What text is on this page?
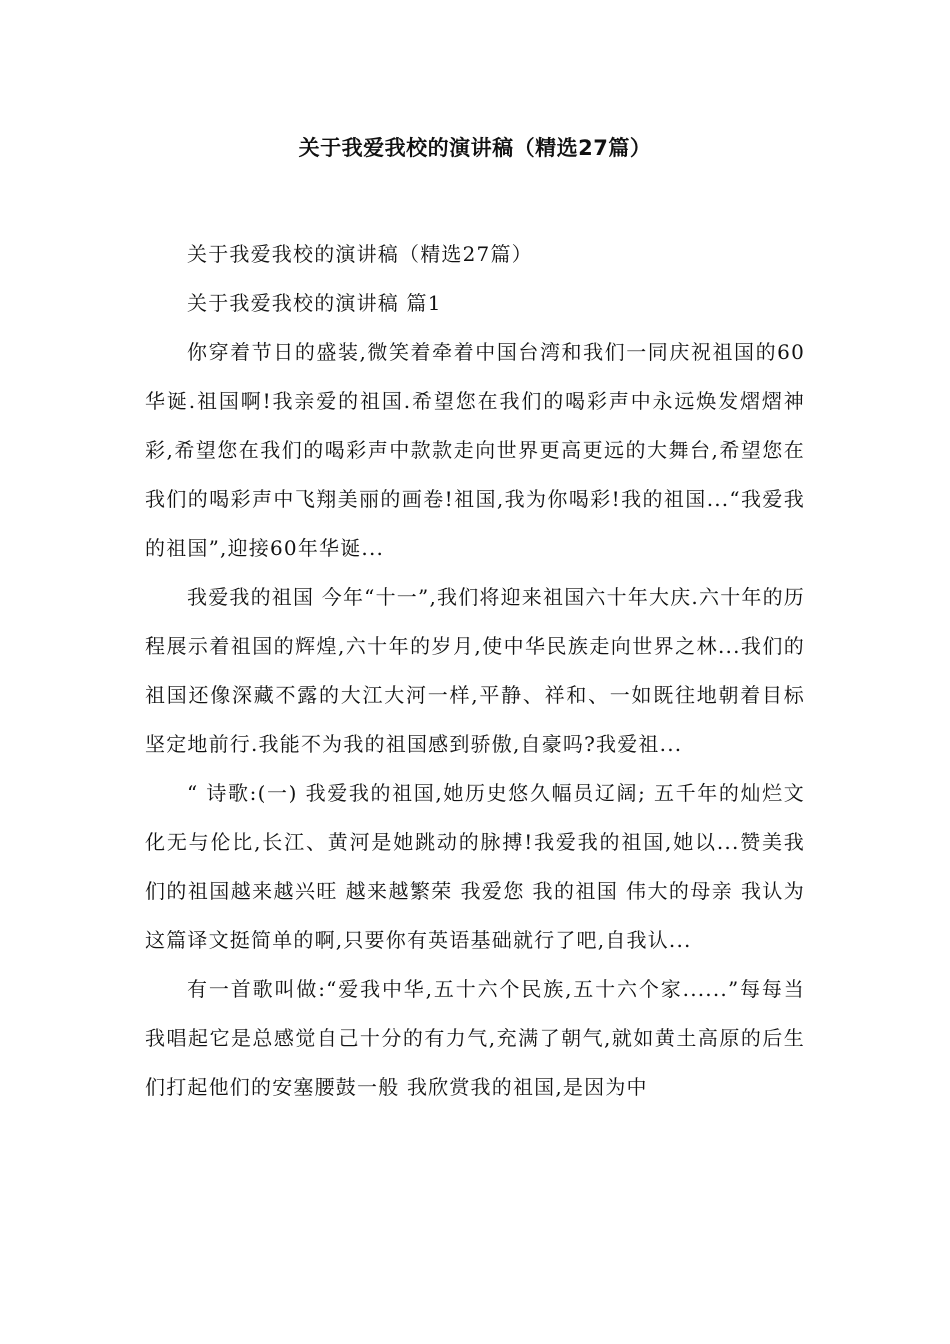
关于我爱我校的演讲稿（精选27篇）

关于我爱我校的演讲稿（精选27篇）

关于我爱我校的演讲稿 篇1

你穿着节日的盛装,微笑着牵着中国台湾和我们一同庆祝祖国的60华诞.祖国啊!我亲爱的祖国.希望您在我们的喝彩声中永远焕发熠熠神彩,希望您在我们的喝彩声中款款走向世界更高更远的大舞台,希望您在我们的喝彩声中飞翔美丽的画卷!祖国,我为你喝彩!我的祖国...“我爱我的祖国”,迎接60年华诞...

我爱我的祖国 今年“十一”,我们将迎来祖国六十年大庆.六十年的历程展示着祖国的辉煌,六十年的岁月,使中华民族走向世界之林...我们的祖国还像深藏不露的大江大河一样,平静、祥和、一如既往地朝着目标坚定地前行.我能不为我的祖国感到骄傲,自豪吗?我爱祖...

“ 诗歌:(一) 我爱我的祖国,她历史悠久幅员辽阔; 五千年的灿烂文化无与伦比,长江、黄河是她跳动的脉搏!我爱我的祖国,她以...赞美我们的祖国越来越兴旺 越来越繁荣 我爱您 我的祖国 伟大的母亲 我认为这篇译文挺简单的啊,只要你有英语基础就行了吧,自我认...

有一首歌叫做:“爱我中华,五十六个民族,五十六个家......”每每当我唱起它是总感觉自己十分的有力气,充满了朝气,就如黄土高原的后生们打起他们的安塞腰鼓一般 我欣赏我的祖国,是因为中
